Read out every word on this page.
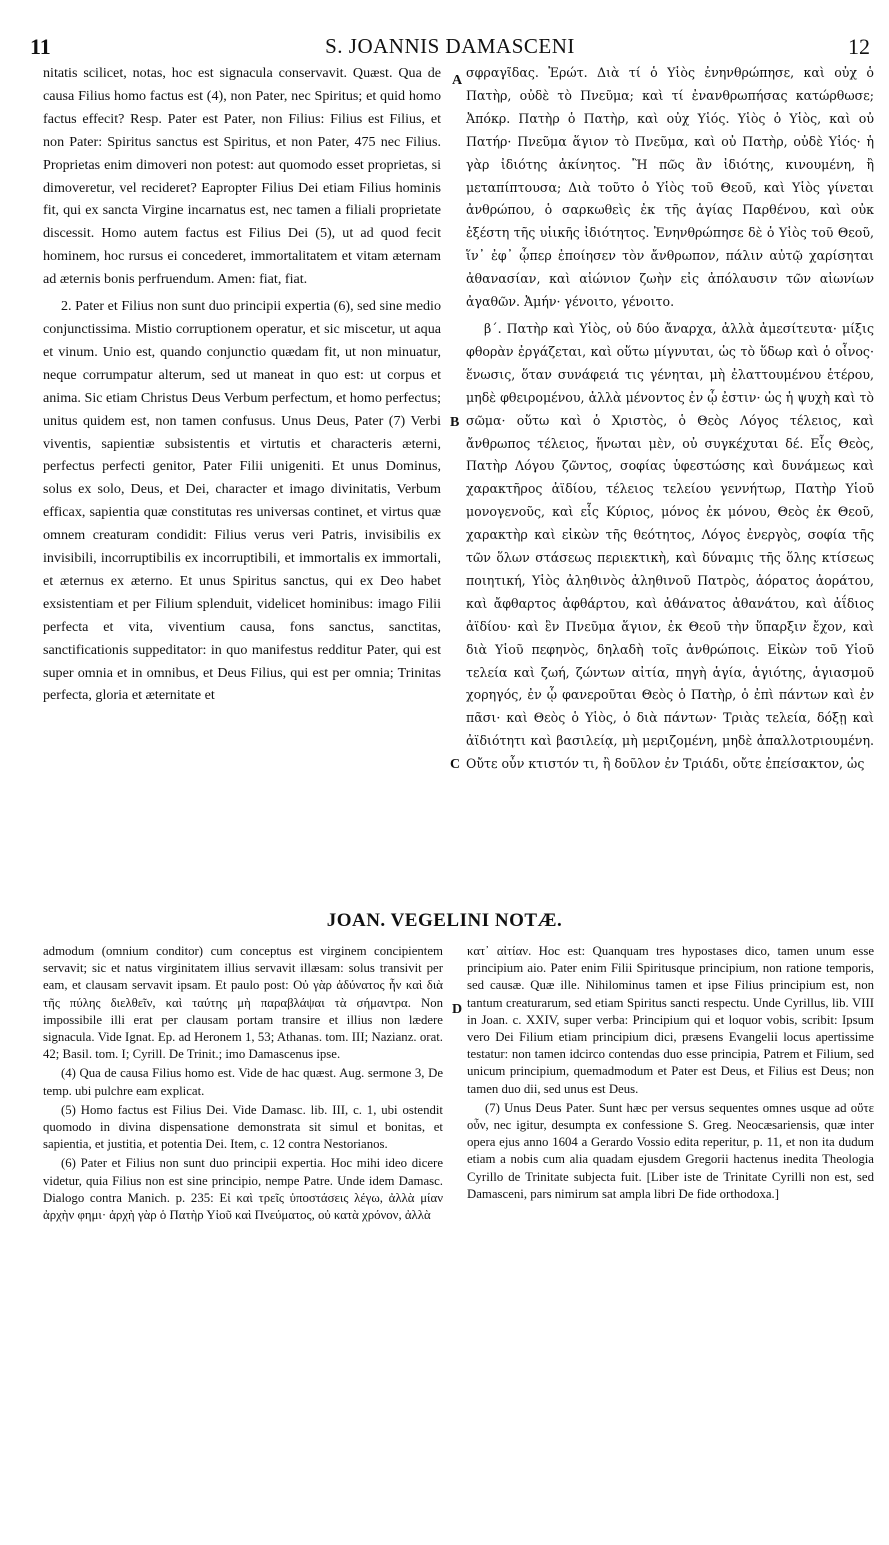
11	S. JOANNIS DAMASCENI	12

nitatis scilicet, notas, hoc est signacula conservavit. Quæst. Qua de causa Filius homo factus est (4), non Pater, nec Spiritus; et quid homo factus effecit? Resp. Pater est Pater, non Filius: Filius est Filius, et non Pater: Spiritus sanctus est Spiritus, et non Pater, 475 nec Filius. Proprietas enim dimoveri non potest: aut quomodo esset proprietas, si dimoveretur, vel recideret? Eapropter Filius Dei etiam Filius hominis fit, qui ex sancta Virgine incarnatus est, nec tamen a filiali proprietate discessit. Homo autem factus est Filius Dei (5), ut ad quod fecit hominem, hoc rursus ei concederet, immortalitatem et vitam æternam ad æternis bonis perfruendum. Amen: fiat, fiat.

2. Pater et Filius non sunt duo principii expertia (6), sed sine medio conjunctissima. Mistio corruptionem operatur, et sic miscetur, ut aqua et vinum. Unio est, quando conjunctio quædam fit, ut non minuatur, neque corrumpatur alterum, sed ut maneat in quo est: ut corpus et anima. Sic etiam Christus Deus Verbum perfectum, et homo perfectus; unitus quidem est, non tamen confusus. Unus Deus, Pater (7) Verbi viventis, sapientiæ subsistentis et virtutis et characteris æterni, perfectus perfecti genitor, Pater Filii unigeniti. Et unus Dominus, solus ex solo, Deus, et Dei, character et imago divinitatis, Verbum efficax, sapientia quæ constitutas res universas continet, et virtus quæ omnem creaturam condidit: Filius verus veri Patris, invisibilis ex invisibili, incorruptibilis ex incorruptibili, et immortalis ex immortali, et æternus ex æterno. Et unus Spiritus sanctus, qui ex Deo habet exsistentiam et per Filium splenduit, videlicet hominibus: imago Filii perfecta et vita, viventium causa, fons sanctus, sanctitas, sanctificationis suppeditator: in quo manifestus redditur Pater, qui est super omnia et in omnibus, et Deus Filius, qui est per omnia; Trinitas perfecta, gloria et æternitate et

A
B
C

σφραγῖδας. Ἐρώτ. Διὰ τί ὁ Υἱὸς ἐνηνθρώπησε, καὶ οὐχ ὁ Πατὴρ, οὐδὲ τὸ Πνεῦμα; καὶ τί ἐνανθρωπήσας κατώρθωσε; Ἀπόκρ. Πατὴρ ὁ Πατὴρ, καὶ οὐχ Υἱός. Υἱὸς ὁ Υἱὸς, καὶ οὐ Πατήρ· Πνεῦμα ἅγιον τὸ Πνεῦμα, καὶ οὐ Πατὴρ, οὐδὲ Υἱός· ἡ γὰρ ἰδιότης ἀκίνητος. Ἢ πῶς ἂν ἰδιότης, κινουμένη, ἢ μεταπίπτουσα; Διὰ τοῦτο ὁ Υἱὸς τοῦ Θεοῦ, καὶ Υἱὸς γίνεται ἀνθρώπου, ὁ σαρκωθεὶς ἐκ τῆς ἁγίας Παρθένου, καὶ οὐκ ἐξέστη τῆς υἱικῆς ἰδιότητος. Ἐνηνθρώπησε δὲ ὁ Υἱὸς τοῦ Θεοῦ, ἵν᾿ ἐφ᾿ ᾧπερ ἐποίησεν τὸν ἄνθρωπον, πάλιν αὐτῷ χαρίσηται ἀθανασίαν, καὶ αἰώνιον ζωὴν εἰς ἀπόλαυσιν τῶν αἰωνίων ἀγαθῶν. Ἀμήν· γένοιτο, γένοιτο.

β΄. Πατὴρ καὶ Υἱὸς, οὐ δύο ἄναρχα, ἀλλὰ ἀμεσίτευτα· μίξις φθορὰν ἐργάζεται, καὶ οὕτω μίγνυται, ὡς τὸ ὕδωρ καὶ ὁ οἶνος· ἕνωσις, ὅταν συνάφειά τις γένηται, μὴ ἐλαττουμένου ἑτέρου, μηδὲ φθειρομένου, ἀλλὰ μένοντος ἐν ᾧ ἐστιν· ὡς ἡ ψυχὴ καὶ τὸ σῶμα· οὕτω καὶ ὁ Χριστὸς, ὁ Θεὸς Λόγος τέλειος, καὶ ἄνθρωπος τέλειος, ἥνωται μὲν, οὐ συγκέχυται δέ. Εἷς Θεὸς, Πατὴρ Λόγου ζῶντος, σοφίας ὑφεστώσης καὶ δυνάμεως καὶ χαρακτῆρος ἀϊδίου, τέλειος τελείου γεννήτωρ, Πατὴρ Υἱοῦ μονογενοῦς, καὶ εἷς Κύριος, μόνος ἐκ μόνου, Θεὸς ἐκ Θεοῦ, χαρακτὴρ καὶ εἰκὼν τῆς θεότητος, Λόγος ἐνεργὸς, σοφία τῆς τῶν ὅλων στάσεως περιεκτικὴ, καὶ δύναμις τῆς ὅλης κτίσεως ποιητική, Υἱὸς ἀληθινὸς ἀληθινοῦ Πατρὸς, ἀόρατος ἀοράτου, καὶ ἄφθαρτος ἀφθάρτου, καὶ ἀθάνατος ἀθανάτου, καὶ ἀΐδιος ἀϊδίου· καὶ ἓν Πνεῦμα ἅγιον, ἐκ Θεοῦ τὴν ὕπαρξιν ἔχον, καὶ διὰ Υἱοῦ πεφηνὸς, δηλαδὴ τοῖς ἀνθρώποις. Εἰκὼν τοῦ Υἱοῦ τελεία καὶ ζωή, ζώντων αἰτία, πηγὴ ἁγία, ἁγιότης, ἁγιασμοῦ χορηγός, ἐν ᾧ φανεροῦται Θεὸς ὁ Πατὴρ, ὁ ἐπὶ πάντων καὶ ἐν πᾶσι· καὶ Θεὸς ὁ Υἱὸς, ὁ διὰ πάντων· Τριὰς τελεία, δόξῃ καὶ ἀϊδιότητι καὶ βασιλείᾳ, μὴ μεριζομένη, μηδὲ ἀπαλλοτριουμένη. Οὔτε οὖν κτιστόν τι, ἢ δοῦλον ἐν Τριάδι, οὔτε ἐπείσακτον, ὡς

JOAN. VEGELINI NOTÆ.

admodum (omnium conditor) cum conceptus est virginem concipientem servavit; sic et natus virginitatem illius servavit illæsam: solus transivit per eam, et clausam servavit ipsam. Et paulo post: Οὐ γὰρ ἀδύνατος ἦν καὶ διὰ τῆς πύλης διελθεῖν, καὶ ταύτης μὴ παραβλάψαι τὰ σήμαντρα. Non impossibile illi erat per clausam portam transire et illius non lædere signacula. Vide Ignat. Ep. ad Heronem 1, 53; Athanas. tom. III; Nazianz. orat. 42; Basil. tom. I; Cyrill. De Trinit.; imo Damascenus ipse.

(4) Qua de causa Filius homo est. Vide de hac quæst. Aug. sermone 3, De temp. ubi pulchre eam explicat.

(5) Homo factus est Filius Dei. Vide Damasc. lib. III, c. 1, ubi ostendit quomodo in divina dispensatione demonstrata sit simul et bonitas, et sapientia, et justitia, et potentia Dei. Item, c. 12 contra Nestorianos.

(6) Pater et Filius non sunt duo principii expertia. Hoc mihi ideo dicere videtur, quia Filius non est sine principio, nempe Patre. Unde idem Damasc. Dialogo contra Manich. p. 235: Εἰ καὶ τρεῖς ὑποστάσεις λέγω, ἀλλὰ μίαν ἀρχὴν φημι· ἀρχὴ γὰρ ὁ Πατὴρ Υἱοῦ καὶ Πνεύματος, οὐ κατὰ χρόνον, ἀλλὰ

D

κατ᾿ αἰτίαν. Hoc est: Quanquam tres hypostases dico, tamen unum esse principium aio. Pater enim Filii Spiritusque principium, non ratione temporis, sed causæ. Quæ ille. Nihilominus tamen et ipse Filius principium est, non tantum creaturarum, sed etiam Spiritus sancti respectu. Unde Cyrillus, lib. VIII in Joan. c. XXIV, super verba: Principium qui et loquor vobis, scribit: Ipsum vero Dei Filium etiam principium dici, præsens Evangelii locus apertissime testatur: non tamen idcirco contendas duo esse principia, Patrem et Filium, sed unicum principium, quemadmodum et Pater est Deus, et Filius est Deus; non tamen duo dii, sed unus est Deus.

(7) Unus Deus Pater. Sunt hæc per versus sequentes omnes usque ad οὔτε οὖν, nec igitur, desumpta ex confessione S. Greg. Neocæsariensis, quæ inter opera ejus anno 1604 a Gerardo Vossio edita reperitur, p. 11, et non ita dudum etiam a nobis cum alia quadam ejusdem Gregorii hactenus inedita Theologia Cyrillo de Trinitate subjecta fuit. [Liber iste de Trinitate Cyrilli non est, sed Damasceni, pars nimirum sat ampla libri De fide orthodoxa.]
